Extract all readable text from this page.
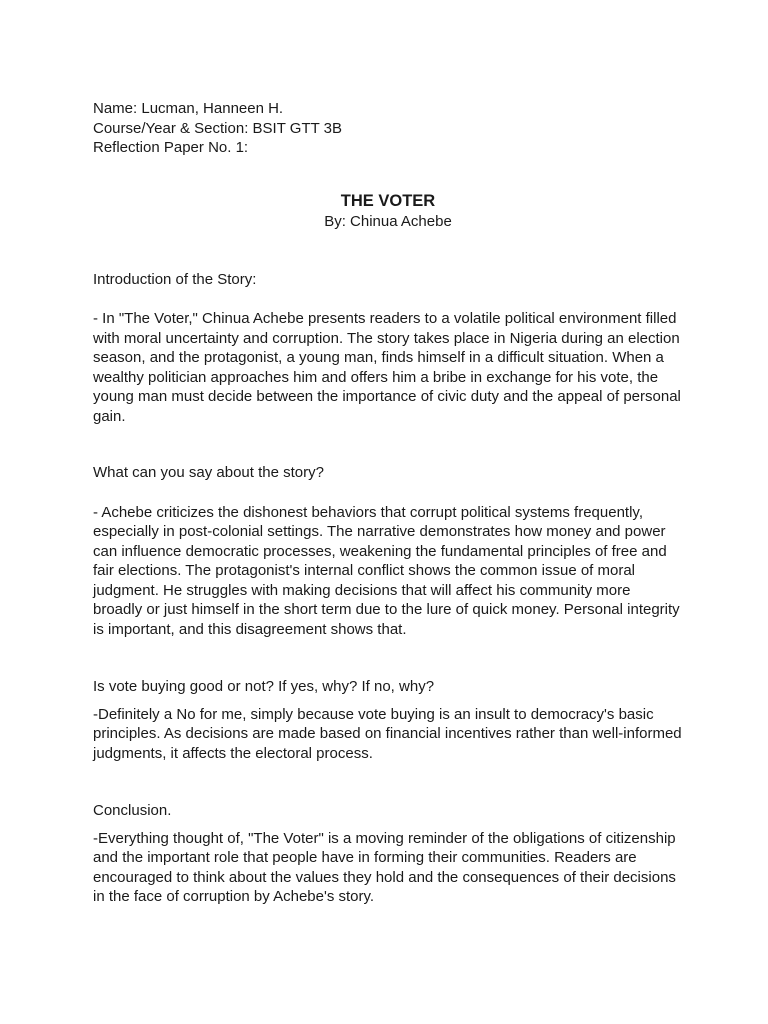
Name: Lucman, Hanneen H.

Course/Year & Section: BSIT GTT 3B

Reflection Paper No. 1:

THE VOTER

By: Chinua Achebe

Introduction of the Story:

- In "The Voter," Chinua Achebe presents readers to a volatile political environment filled with moral uncertainty and corruption. The story takes place in Nigeria during an election season, and the protagonist, a young man, finds himself in a difficult situation. When a wealthy politician approaches him and offers him a bribe in exchange for his vote, the young man must decide between the importance of civic duty and the appeal of personal gain.

What can you say about the story?

- Achebe criticizes the dishonest behaviors that corrupt political systems frequently, especially in post-colonial settings. The narrative demonstrates how money and power can influence democratic processes, weakening the fundamental principles of free and fair elections. The protagonist's internal conflict shows the common issue of moral judgment. He struggles with making decisions that will affect his community more broadly or just himself in the short term due to the lure of quick money. Personal integrity is important, and this disagreement shows that.

Is vote buying good or not? If yes, why? If no, why?

-Definitely a No for me, simply because vote buying is an insult to democracy's basic principles. As decisions are made based on financial incentives rather than well-informed judgments, it affects the electoral process.

Conclusion.

-Everything thought of, "The Voter" is a moving reminder of the obligations of citizenship and the important role that people have in forming their communities. Readers are encouraged to think about the values they hold and the consequences of their decisions in the face of corruption by Achebe's story.
